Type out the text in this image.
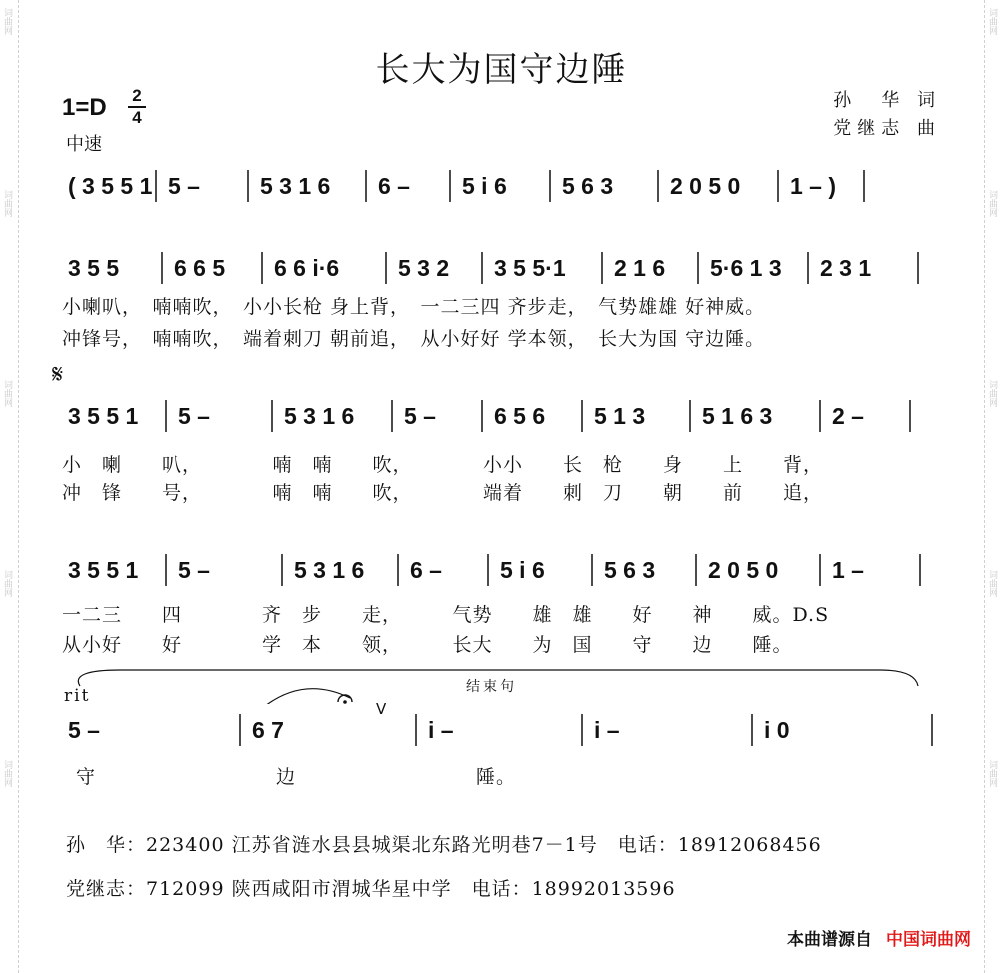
词曲网
词曲网
词曲网
词曲网
词曲网
词曲网
词曲网
词曲网
词曲网
词曲网
长大为国守边陲
1=D 2
4
中速
孙　华 词
党继志 曲
( 3 5 5 1 5 –	5 3 1 6 6 – 5 i 6 5 6 3 2 0 5 0 1 – )
3 5 5 6 6 5 6 6 i·6	5 3 2 3 5 5·1 2 1 6 5·6 1 3 2 3 1
小喇叭，　喃喃吹，　小小长枪 身上背，　一二三四 齐步走，　气势雄雄 好神威。
冲锋号，　喃喃吹，　端着刺刀 朝前追，　从小好好 学本领，　长大为国 守边陲。
𝄋
3 5 5 1 5 –	5 3 1 6 5 –	6 5 6 5 1 3 5 1 6 3	2 –
小　喇　　叭，　　　　喃　喃　　吹，　　　　小小　　长　枪　　身　　上　　背，
冲　锋　　号，　　　　喃　喃　　吹，　　　　端着　　刺　刀　　朝　　前　　追，
3 5 5 1 5 –	5 3 1 6 6 –	5 i 6	5 6 3 2 0 5 0 1 –
一二三　　四　　　　齐　步　　走，　　　气势　　雄　雄　　好　　神　　威。D.S
从小好　　好　　　　学　本　　领，　　　长大　　为　国　　守　　边　　陲。
rit	结束句
V
5 –	6 7	i –	i –	i 0
守　　　　　　　　　边　　　　　　　　　陲。
孙　华：223400 江苏省涟水县县城渠北东路光明巷7－1号　电话：18912068456
党继志：712099 陕西咸阳市渭城华星中学　电话：18992013596
本曲谱源自 中国词曲网
